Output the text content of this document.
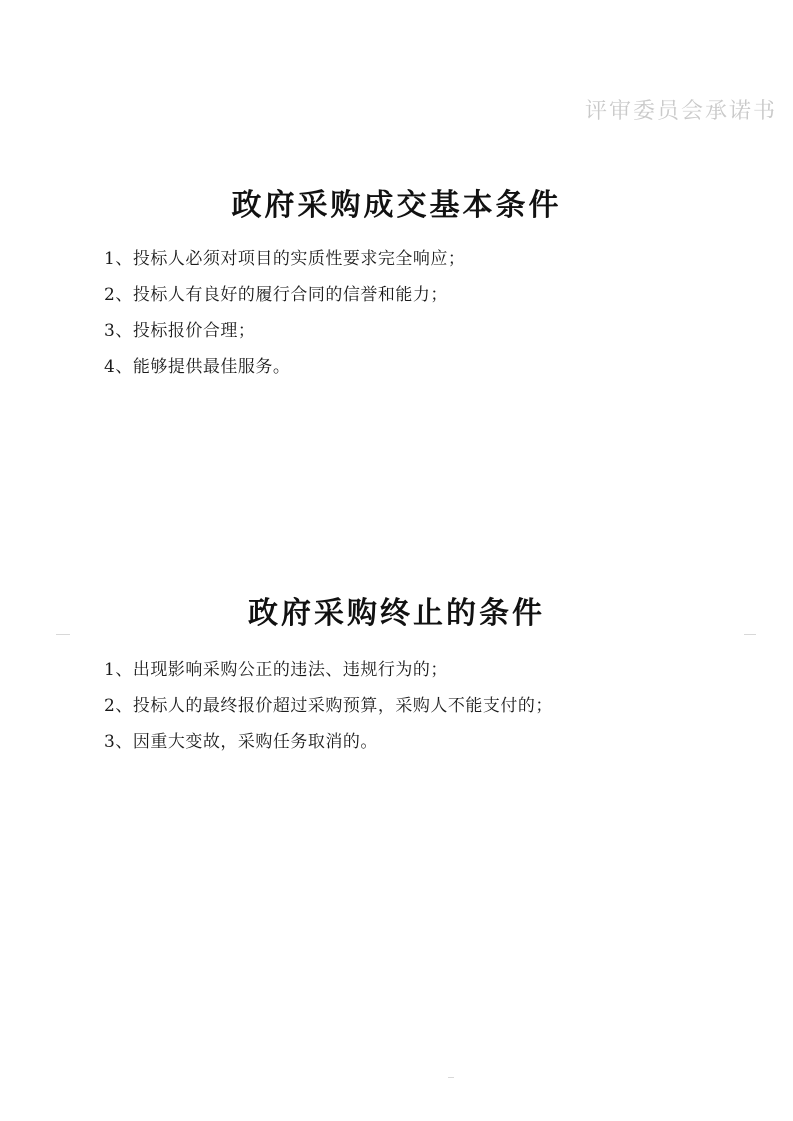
评审委员会承诺书
政府采购成交基本条件
1、投标人必须对项目的实质性要求完全响应；
2、投标人有良好的履行合同的信誉和能力；
3、投标报价合理；
4、能够提供最佳服务。
政府采购终止的条件
1、出现影响采购公正的违法、违规行为的；
2、投标人的最终报价超过采购预算，采购人不能支付的；
3、因重大变故，采购任务取消的。
